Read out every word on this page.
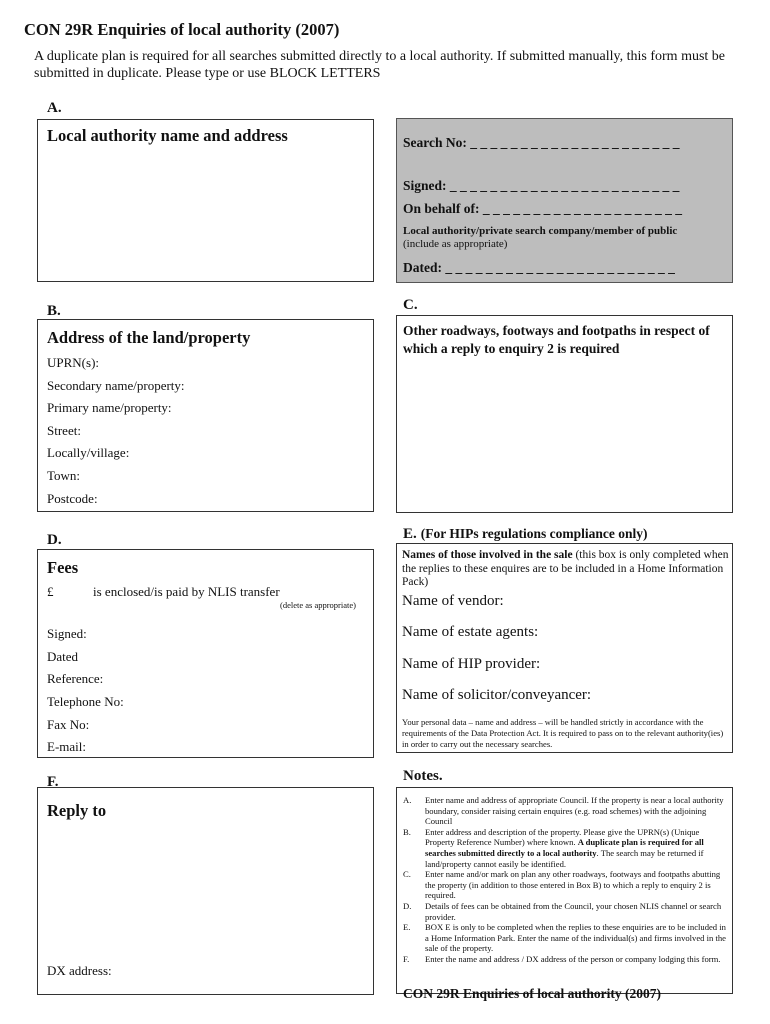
CON 29R Enquiries of local authority (2007)
A duplicate plan is required for all searches submitted directly to a local authority. If submitted manually, this form must be submitted in duplicate. Please type or use BLOCK LETTERS
A.
Local authority name and address	Search No: _ _ _ _ _ _ _ _ _ _ _ _ _ _ _ _ _ _ _ _ _
Signed: _ _ _ _ _ _ _ _ _ _ _ _ _ _ _ _ _ _ _ _ _ _ _
On behalf of: _ _ _ _ _ _ _ _ _ _ _ _ _ _ _ _ _ _ _ _
Local authority/private search company/member of public
(include as appropriate)
Dated: _ _ _ _ _ _ _ _ _ _ _ _ _ _ _ _ _ _ _ _ _ _ _
B.
Address of the land/property
UPRN(s):
Secondary name/property:
Primary name/property:
Street:
Locally/village:
Town:
Postcode:
C.
Other roadways, footways and footpaths in respect of which a reply to enquiry 2 is required
D.
Fees
£	is enclosed/is paid by NLIS transfer
(delete as appropriate)
Signed:
Dated
Reference:
Telephone No:
Fax No:
E-mail:
E. (For HIPs regulations compliance only)
Names of those involved in the sale (this box is only completed when the replies to these enquires are to be included in a Home Information Pack)
Name of vendor:
Name of estate agents:
Name of HIP provider:
Name of solicitor/conveyancer:
Your personal data – name and address – will be handled strictly in accordance with the requirements of the Data Protection Act. It is required to pass on to the relevant authority(ies) in order to carry out the necessary searches.
F.
Reply to
DX address:
Notes.
A.	Enter name and address of appropriate Council. If the property is near a local authority boundary, consider raising certain enquires (e.g. road schemes) with the adjoining Council
B.	Enter address and description of the property. Please give the UPRN(s) (Unique Property Reference Number) where known. A duplicate plan is required for all searches submitted directly to a local authority. The search may be returned if land/property cannot easily be identified.
C.	Enter name and/or mark on plan any other roadways, footways and footpaths abutting the property (in addition to those entered in Box B) to which a reply to enquiry 2 is required.
D.	Details of fees can be obtained from the Council, your chosen NLIS channel or search provider.
E.	BOX E is only to be completed when the replies to these enquiries are to be included in a Home Information Park. Enter the name of the individual(s) and firms involved in the sale of the property.
F.	Enter the name and address / DX address of the person or company lodging this form.
CON 29R Enquiries of local authority (2007)
